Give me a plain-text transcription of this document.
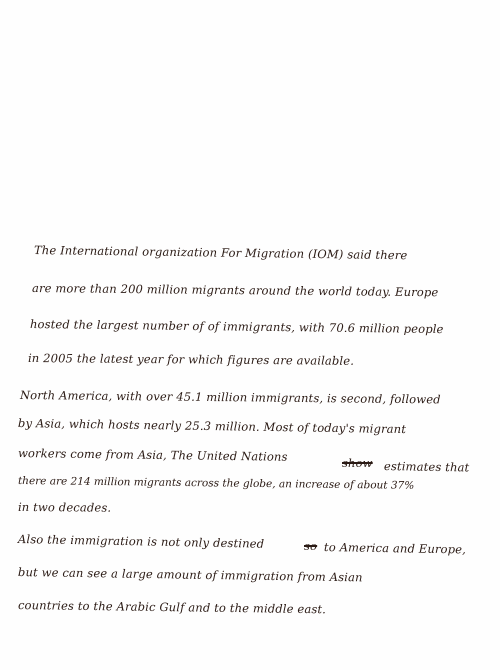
The International organization For Migration (IOM) said there
are more than 200 million migrants around the world today. Europe
hosted the largest number of of immigrants, with 70.6 million people
in 2005 the latest year for which figures are available.
North America, with over 45.1 million immigrants, is second, followed
by Asia, which hosts nearly 25.3 million. Most of today's migrant
workers come from Asia, The United Nations	show estimates that
there are 214 million migrants across the globe, an increase of about 37%
in two decades.
Also the immigration is not only destined	so to America and Europe,
but we can see a large amount of immigration from Asian
countries to the Arabic Gulf and to the middle east.
